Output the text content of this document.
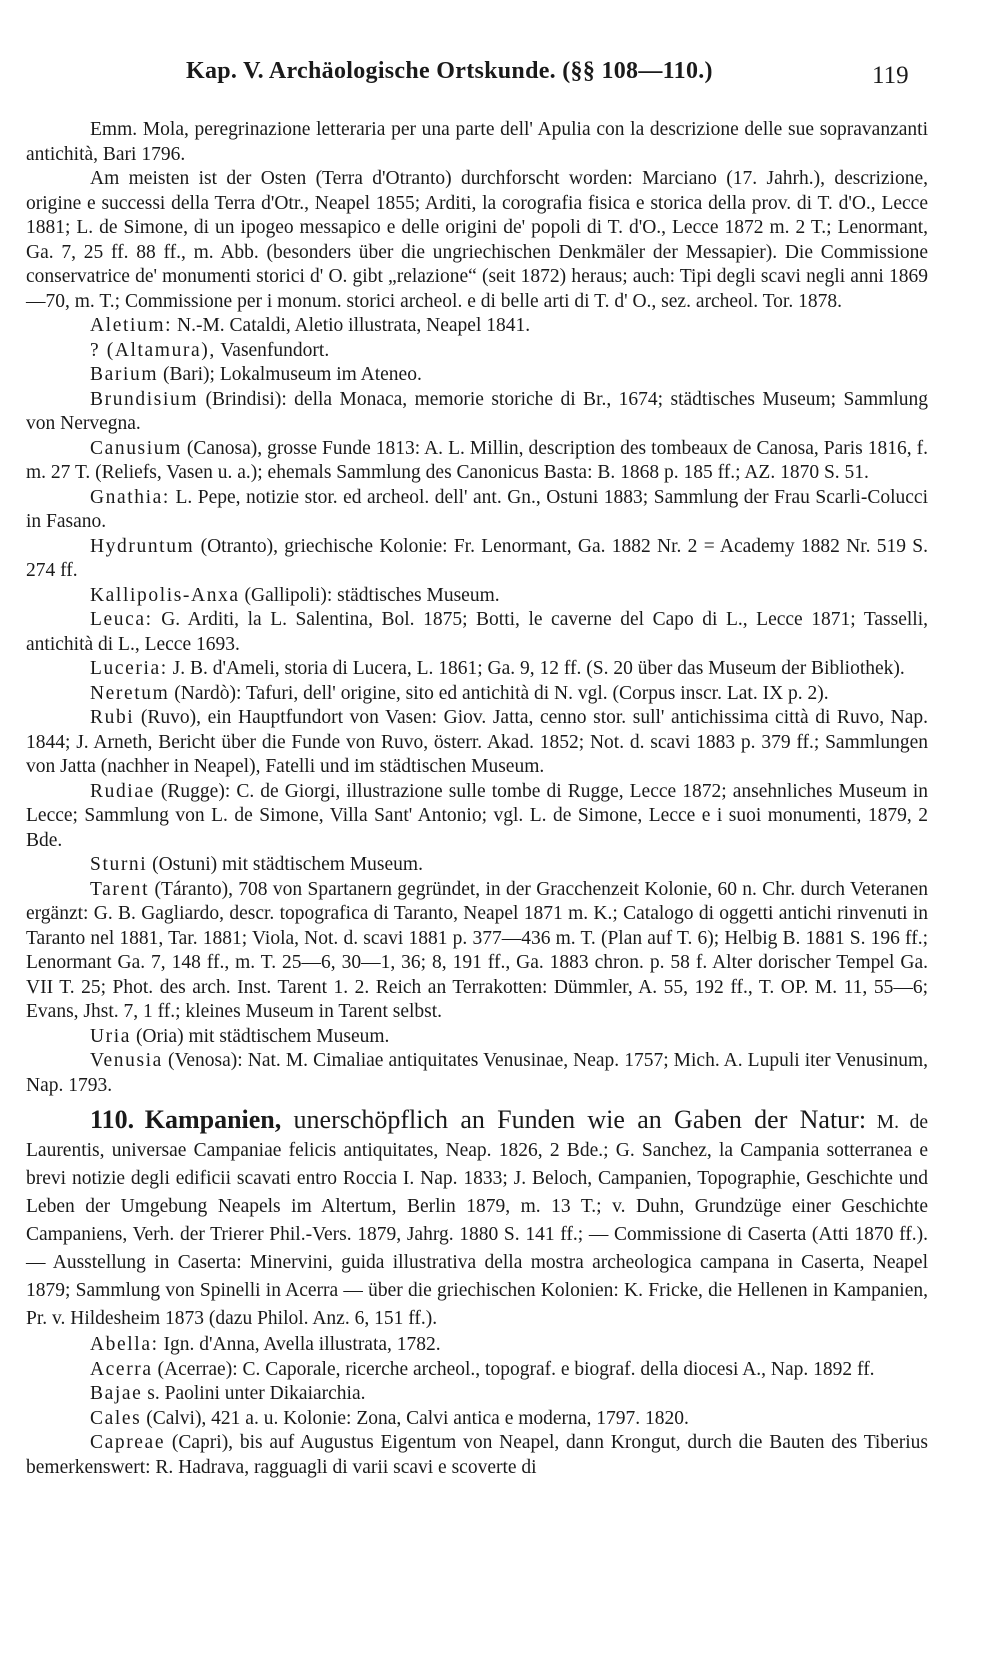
Kap. V. Archäologische Ortskunde. (§§ 108—110.)	119

Emm. Mola, peregrinazione letteraria per una parte dell' Apulia con la descrizione delle sue sopravanzanti antichità, Bari 1796.

Am meisten ist der Osten (Terra d'Otranto) durchforscht worden: Marciano (17. Jahrh.), descrizione, origine e successi della Terra d'Otr., Neapel 1855; Arditi, la corografia fisica e storica della prov. di T. d'O., Lecce 1881; L. de Simone, di un ipogeo messapico e delle origini de' popoli di T. d'O., Lecce 1872 m. 2 T.; Lenormant, Ga. 7, 25 ff. 88 ff., m. Abb. (besonders über die ungriechischen Denkmäler der Messapier). Die Commissione conservatrice de' monumenti storici d' O. gibt „relazione“ (seit 1872) heraus; auch: Tipi degli scavi negli anni 1869—70, m. T.; Commissione per i monum. storici archeol. e di belle arti di T. d' O., sez. archeol. Tor. 1878.

Aletium: N.-M. Cataldi, Aletio illustrata, Neapel 1841.

? (Altamura), Vasenfundort.

Barium (Bari); Lokalmuseum im Ateneo.

Brundisium (Brindisi): della Monaca, memorie storiche di Br., 1674; städtisches Museum; Sammlung von Nervegna.

Canusium (Canosa), grosse Funde 1813: A. L. Millin, description des tombeaux de Canosa, Paris 1816, f. m. 27 T. (Reliefs, Vasen u. a.); ehemals Sammlung des Canonicus Basta: B. 1868 p. 185 ff.; AZ. 1870 S. 51.

Gnathia: L. Pepe, notizie stor. ed archeol. dell' ant. Gn., Ostuni 1883; Sammlung der Frau Scarli-Colucci in Fasano.

Hydruntum (Otranto), griechische Kolonie: Fr. Lenormant, Ga. 1882 Nr. 2 = Academy 1882 Nr. 519 S. 274 ff.

Kallipolis-Anxa (Gallipoli): städtisches Museum.

Leuca: G. Arditi, la L. Salentina, Bol. 1875; Botti, le caverne del Capo di L., Lecce 1871; Tasselli, antichità di L., Lecce 1693.

Luceria: J. B. d'Ameli, storia di Lucera, L. 1861; Ga. 9, 12 ff. (S. 20 über das Museum der Bibliothek).

Neretum (Nardò): Tafuri, dell' origine, sito ed antichità di N. vgl. (Corpus inscr. Lat. IX p. 2).

Rubi (Ruvo), ein Hauptfundort von Vasen: Giov. Jatta, cenno stor. sull' antichissima città di Ruvo, Nap. 1844; J. Arneth, Bericht über die Funde von Ruvo, österr. Akad. 1852; Not. d. scavi 1883 p. 379 ff.; Sammlungen von Jatta (nachher in Neapel), Fatelli und im städtischen Museum.

Rudiae (Rugge): C. de Giorgi, illustrazione sulle tombe di Rugge, Lecce 1872; ansehnliches Museum in Lecce; Sammlung von L. de Simone, Villa Sant' Antonio; vgl. L. de Simone, Lecce e i suoi monumenti, 1879, 2 Bde.

Sturni (Ostuni) mit städtischem Museum.

Tarent (Táranto), 708 von Spartanern gegründet, in der Gracchenzeit Kolonie, 60 n. Chr. durch Veteranen ergänzt: G. B. Gagliardo, descr. topografica di Taranto, Neapel 1871 m. K.; Catalogo di oggetti antichi rinvenuti in Taranto nel 1881, Tar. 1881; Viola, Not. d. scavi 1881 p. 377—436 m. T. (Plan auf T. 6); Helbig B. 1881 S. 196 ff.; Lenormant Ga. 7, 148 ff., m. T. 25—6, 30—1, 36; 8, 191 ff., Ga. 1883 chron. p. 58 f. Alter dorischer Tempel Ga. VII T. 25; Phot. des arch. Inst. Tarent 1. 2. Reich an Terrakotten: Dümmler, A. 55, 192 ff., T. OP. M. 11, 55—6; Evans, Jhst. 7, 1 ff.; kleines Museum in Tarent selbst.

Uria (Oria) mit städtischem Museum.

Venusia (Venosa): Nat. M. Cimaliae antiquitates Venusinae, Neap. 1757; Mich. A. Lupuli iter Venusinum, Nap. 1793.

110. Kampanien, unerschöpflich an Funden wie an Gaben der Natur: M. de Laurentis, universae Campaniae felicis antiquitates, Neap. 1826, 2 Bde.; G. Sanchez, la Campania sotterranea e brevi notizie degli edificii scavati entro Roccia I. Nap. 1833; J. Beloch, Campanien, Topographie, Geschichte und Leben der Umgebung Neapels im Altertum, Berlin 1879, m. 13 T.; v. Duhn, Grundzüge einer Geschichte Campaniens, Verh. der Trierer Phil.-Vers. 1879, Jahrg. 1880 S. 141 ff.; — Commissione di Caserta (Atti 1870 ff.). — Ausstellung in Caserta: Minervini, guida illustrativa della mostra archeologica campana in Caserta, Neapel 1879; Sammlung von Spinelli in Acerra — über die griechischen Kolonien: K. Fricke, die Hellenen in Kampanien, Pr. v. Hildesheim 1873 (dazu Philol. Anz. 6, 151 ff.).

Abella: Ign. d'Anna, Avella illustrata, 1782.

Acerra (Acerrae): C. Caporale, ricerche archeol., topograf. e biograf. della diocesi A., Nap. 1892 ff.

Bajae s. Paolini unter Dikaiarchia.

Cales (Calvi), 421 a. u. Kolonie: Zona, Calvi antica e moderna, 1797. 1820.

Capreae (Capri), bis auf Augustus Eigentum von Neapel, dann Krongut, durch die Bauten des Tiberius bemerkenswert: R. Hadrava, ragguagli di varii scavi e scoverte di
